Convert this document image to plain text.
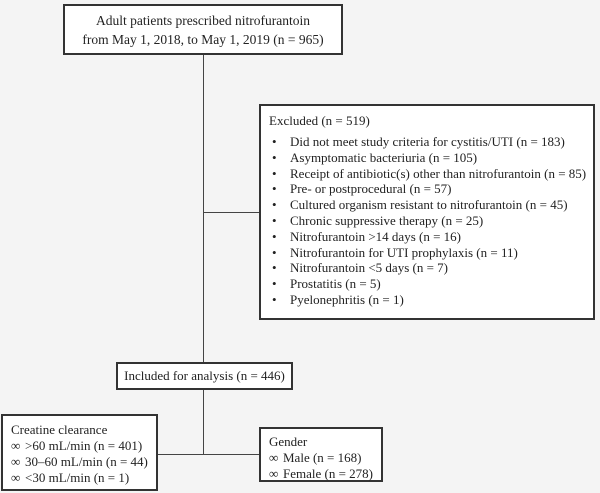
Adult patients prescribed nitrofurantoin
from May 1, 2018, to May 1, 2019 (n = 965)
Excluded (n = 519)
• Did not meet study criteria for cystitis/UTI (n = 183)
• Asymptomatic bacteriuria (n = 105)
• Receipt of antibiotic(s) other than nitrofurantoin (n = 85)
• Pre- or postprocedural (n = 57)
• Cultured organism resistant to nitrofurantoin (n = 45)
• Chronic suppressive therapy (n = 25)
• Nitrofurantoin >14 days (n = 16)
• Nitrofurantoin for UTI prophylaxis (n = 11)
• Nitrofurantoin <5 days (n = 7)
• Prostatitis (n = 5)
• Pyelonephritis (n = 1)
Included for analysis (n = 446)
Creatine clearance
∞ >60 mL/min (n = 401)
∞ 30–60 mL/min (n = 44)
∞ <30 mL/min (n = 1)
Gender
∞ Male (n = 168)
∞ Female (n = 278)
